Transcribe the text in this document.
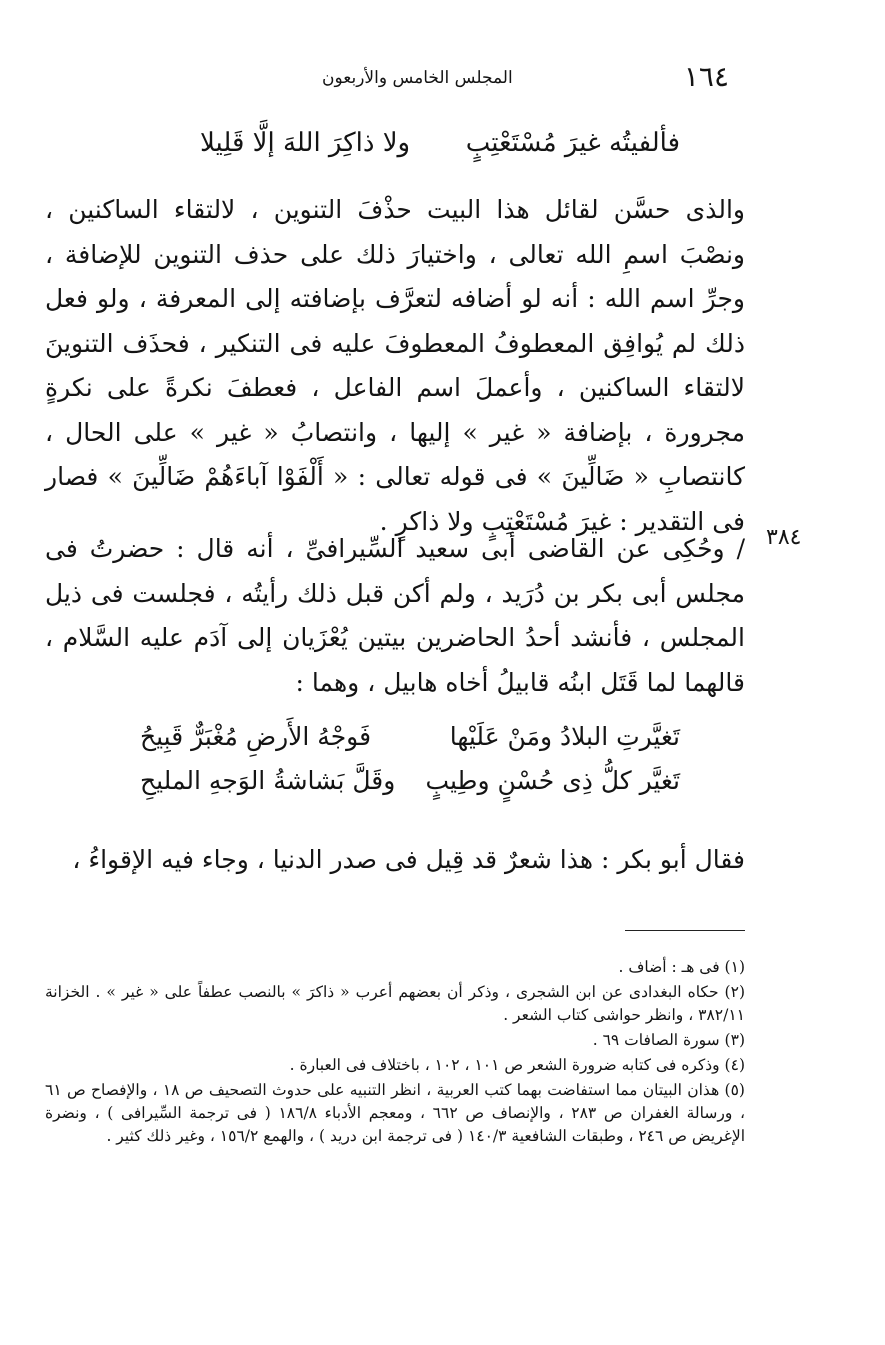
١٦٤
المجلس الخامس والأربعون
فألفيتُه غيرَ مُسْتَعْتِبٍ
ولا ذاكِرَ اللهَ إلَّا قَلِيلا

والذى حسَّن لقائل هذا البيت حذْفَ التنوين ، لالتقاء الساكنين ، ونصْبَ اسمِ الله تعالى ، واختيارَ ذلك على حذف التنوين للإضافة ، وجرِّ اسم الله : أنه لو أضافه لتعرَّف بإضافته إلى المعرفة ، ولو فعل ذلك لم يُوافِق المعطوفُ المعطوفَ عليه فى التنكير ، فحذَف التنوينَ لالتقاء الساكنين ، وأعملَ اسم الفاعل ، فعطفَ نكرةً على نكرةٍ مجرورة ، بإضافة « غير » إليها ، وانتصابُ « غير » على الحال ، كانتصابِ « ضَالِّينَ » فى قوله تعالى : « أَلْفَوْا آباءَهُمْ ضَالِّينَ » فصار فى التقدير : غيرَ مُسْتَعْتِبٍ ولا ذاكرٍ .

٣٨٤

/ وحُكِى عن القاضى أبى سعيد السِّيرافىِّ ، أنه قال : حضرتُ فى مجلس أبى بكر بن دُرَيد ، ولم أكن قبل ذلك رأيتُه ، فجلست فى ذيل المجلس ، فأنشد أحدُ الحاضرين بيتين يُعْزَيان إلى آدَم عليه السَّلام ، قالهما لما قَتَل ابنُه قابيلُ أخاه هابيل ، وهما :

تَغيَّرتِ البلادُ ومَنْ عَلَيْها
فَوجْهُ الأَرضِ مُغْبَرٌّ قَبِيحُ
تَغيَّر كلُّ ذِى حُسْنٍ وطِيبٍ
وقَلَّ بَشاشةُ الوَجهِ المليحِ

فقال أبو بكر : هذا شعرٌ قد قِيل فى صدر الدنيا ، وجاء فيه الإقواءُ ،

(١) فى هـ : أضاف .
(٢) حكاه البغدادى عن ابن الشجرى ، وذكر أن بعضهم أعرب « ذاكرَ » بالنصب عطفاً على « غير » . الخزانة ٣٨٢/١١ ، وانظر حواشى كتاب الشعر .
(٣) سورة الصافات ٦٩ .
(٤) وذكره فى كتابه ضرورة الشعر ص ١٠١ ، ١٠٢ ، باختلاف فى العبارة .
(٥) هذان البيتان مما استفاضت بهما كتب العربية ، انظر التنبيه على حدوث التصحيف ص ١٨ ، والإفصاح ص ٦١ ، ورسالة الغفران ص ٢٨٣ ، والإنصاف ص ٦٦٢ ، ومعجم الأدباء ١٨٦/٨ ( فى ترجمة السِّيرافى ) ، ونضرة الإغريض ص ٢٤٦ ، وطبقات الشافعية ١٤٠/٣ ( فى ترجمة ابن دريد ) ، والهمع ١٥٦/٢ ، وغير ذلك كثير .
